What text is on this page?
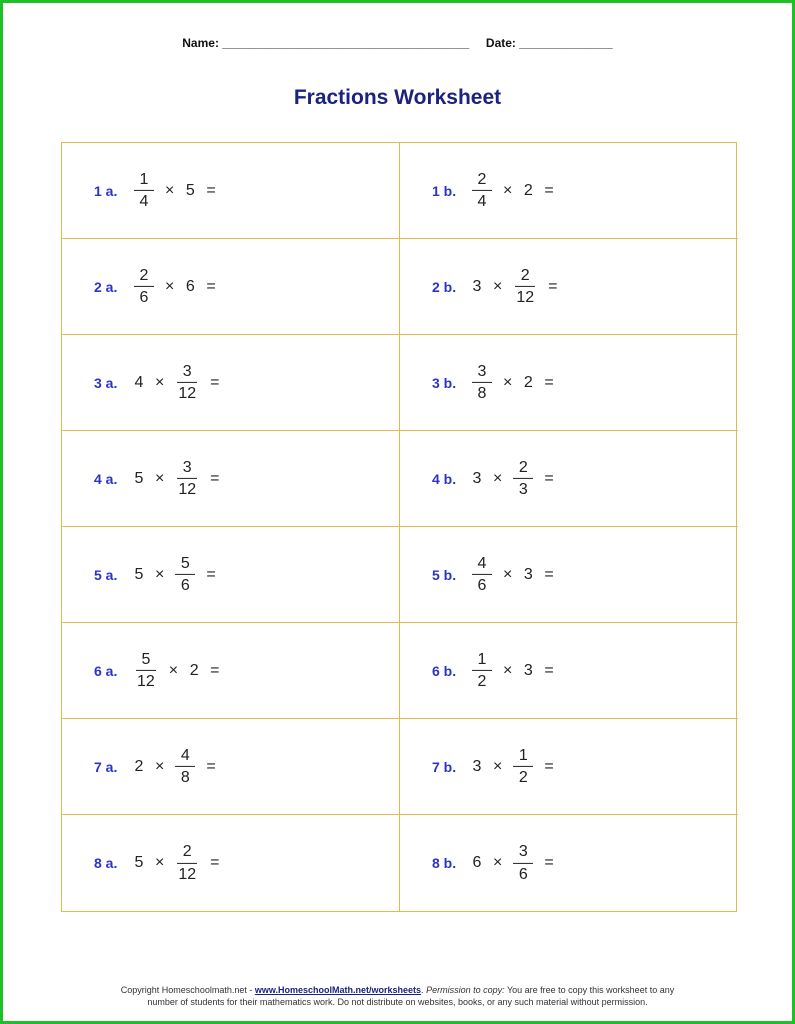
Name: _____________________________________ Date: ______________
Fractions Worksheet
1 a. $\frac{1}{4} \times 5$ =	1 b. $\frac{2}{4} \times 2$ =
2 a. $\frac{2}{6} \times 6$ =	2 b. $3 \times \frac{2}{12}$ =
3 a. $4 \times \frac{3}{12}$ =	3 b. $\frac{3}{8} \times 2$ =
4 a. $5 \times \frac{3}{12}$ =	4 b. $3 \times \frac{2}{3}$ =
5 a. $5 \times \frac{5}{6}$ =	5 b. $\frac{4}{6} \times 3$ =
6 a. $\frac{5}{12} \times 2$ =	6 b. $\frac{1}{2} \times 3$ =
7 a. $2 \times \frac{4}{8}$ =	7 b. $3 \times \frac{1}{2}$ =
8 a. $5 \times \frac{2}{12}$ =	8 b. $6 \times \frac{3}{6}$ =
Copyright Homeschoolmath.net - www.HomeschoolMath.net/worksheets. Permission to copy: You are free to copy this worksheet to any
number of students for their mathematics work. Do not distribute on websites, books, or any such material without permission.
